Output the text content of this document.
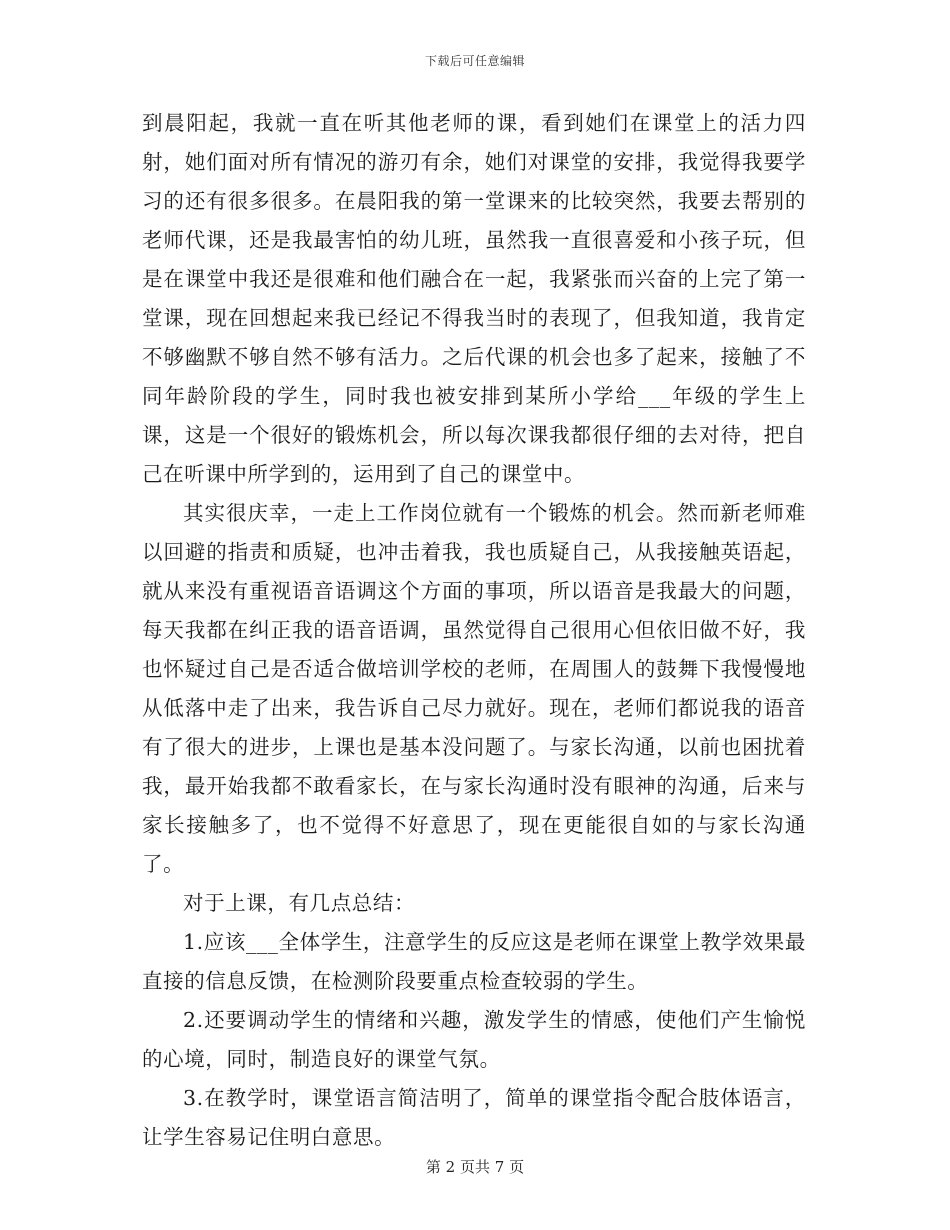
下载后可任意编辑

到晨阳起，我就一直在听其他老师的课，看到她们在课堂上的活力四射，她们面对所有情况的游刃有余，她们对课堂的安排，我觉得我要学习的还有很多很多。在晨阳我的第一堂课来的比较突然，我要去帮别的老师代课，还是我最害怕的幼儿班，虽然我一直很喜爱和小孩子玩，但是在课堂中我还是很难和他们融合在一起，我紧张而兴奋的上完了第一堂课，现在回想起来我已经记不得我当时的表现了，但我知道，我肯定不够幽默不够自然不够有活力。之后代课的机会也多了起来，接触了不同年龄阶段的学生，同时我也被安排到某所小学给___年级的学生上课，这是一个很好的锻炼机会，所以每次课我都很仔细的去对待，把自己在听课中所学到的，运用到了自己的课堂中。

其实很庆幸，一走上工作岗位就有一个锻炼的机会。然而新老师难以回避的指责和质疑，也冲击着我，我也质疑自己，从我接触英语起，就从来没有重视语音语调这个方面的事项，所以语音是我最大的问题，每天我都在纠正我的语音语调，虽然觉得自己很用心但依旧做不好，我也怀疑过自己是否适合做培训学校的老师，在周围人的鼓舞下我慢慢地从低落中走了出来，我告诉自己尽力就好。现在，老师们都说我的语音有了很大的进步，上课也是基本没问题了。与家长沟通，以前也困扰着我，最开始我都不敢看家长，在与家长沟通时没有眼神的沟通，后来与家长接触多了，也不觉得不好意思了，现在更能很自如的与家长沟通了。

对于上课，有几点总结：

1.应该___全体学生，注意学生的反应这是老师在课堂上教学效果最直接的信息反馈，在检测阶段要重点检查较弱的学生。

2.还要调动学生的情绪和兴趣，激发学生的情感，使他们产生愉悦的心境，同时，制造良好的课堂气氛。

3.在教学时，课堂语言简洁明了，简单的课堂指令配合肢体语言，让学生容易记住明白意思。

第 2 页共 7 页
